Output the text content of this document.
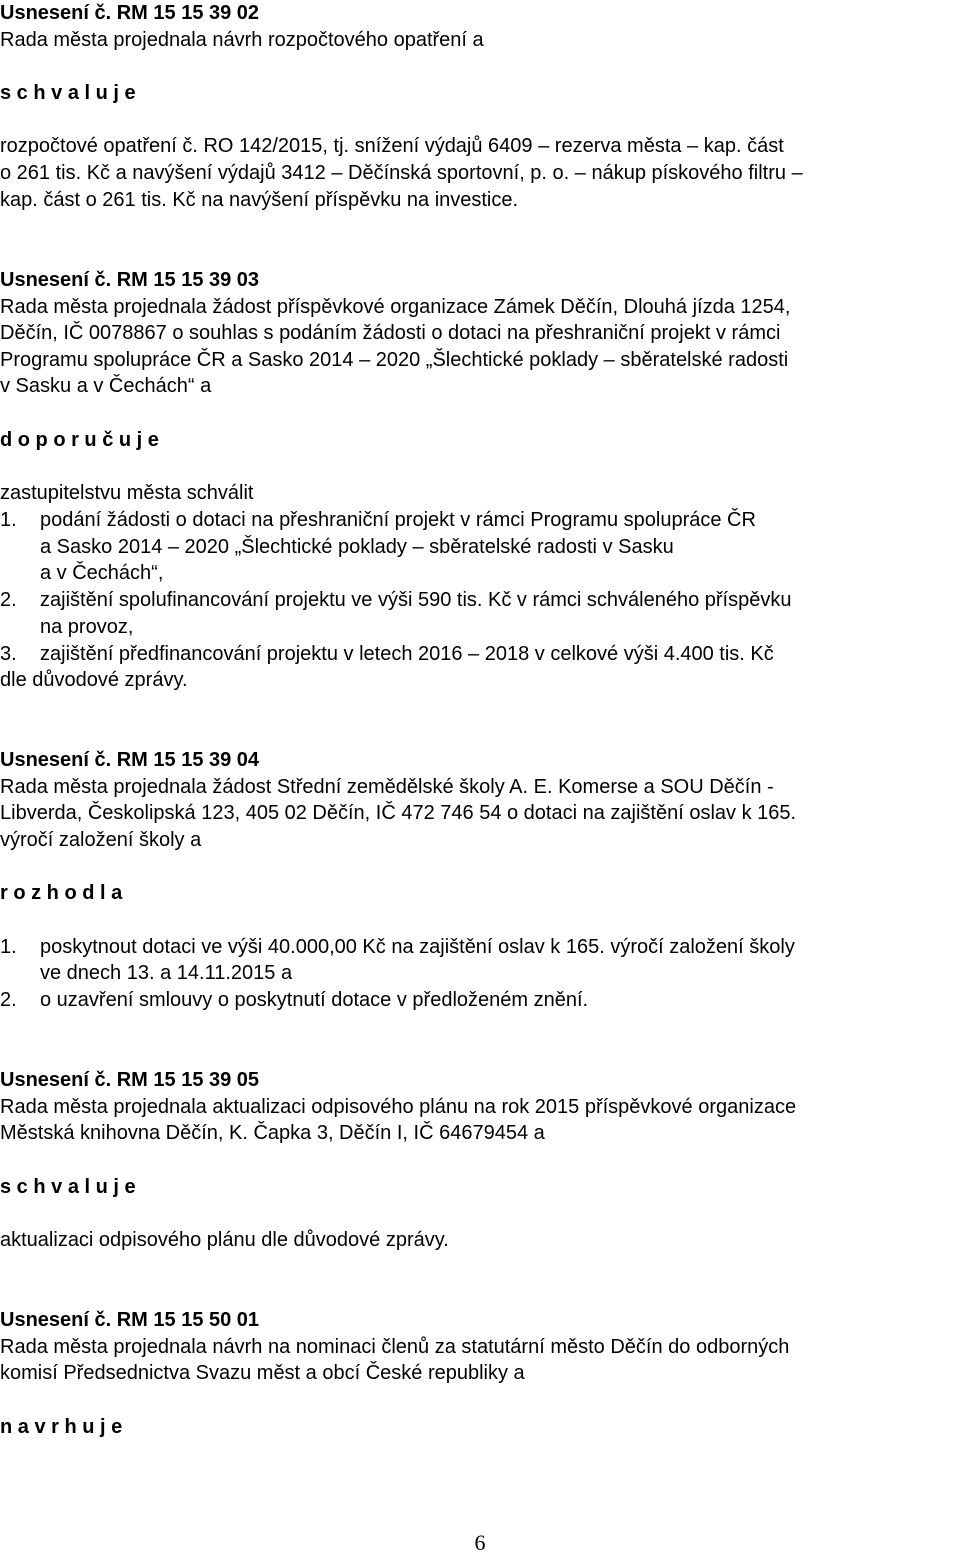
Usnesení č. RM 15 15 39 02
Rada města projednala návrh rozpočtového opatření a
s c h v a l u j e
rozpočtové opatření č. RO 142/2015, tj. snížení výdajů 6409 – rezerva města – kap. část
o 261 tis. Kč a navýšení výdajů 3412 – Děčínská sportovní, p. o. – nákup pískového filtru –
kap. část o 261 tis. Kč na navýšení příspěvku na investice.
Usnesení č. RM 15 15 39 03
Rada města projednala žádost příspěvkové organizace Zámek Děčín, Dlouhá jízda 1254,
Děčín, IČ 0078867 o souhlas s podáním žádosti o dotaci na přeshraniční projekt v rámci
Programu spolupráce ČR a Sasko 2014 – 2020 „Šlechtické poklady – sběratelské radosti
v Sasku a v Čechách“ a
d o p o r u č u j e
zastupitelstvu města schválit
1.	podání žádosti o dotaci na přeshraniční projekt v rámci Programu spolupráce ČR
a Sasko 2014 – 2020 „Šlechtické poklady – sběratelské radosti v Sasku
a v Čechách“,
2.	zajištění spolufinancování projektu ve výši 590 tis. Kč v rámci schváleného příspěvku
na provoz,
3.	zajištění předfinancování projektu v letech 2016 – 2018 v celkové výši 4.400 tis. Kč
dle důvodové zprávy.
Usnesení č. RM 15 15 39 04
Rada města projednala žádost Střední zemědělské školy A. E. Komerse a SOU Děčín -
Libverda, Českolipská 123, 405 02 Děčín, IČ 472 746 54 o dotaci na zajištění oslav k 165.
výročí založení školy a
r o z h o d l a
1.	poskytnout dotaci ve výši 40.000,00 Kč na zajištění oslav k 165. výročí založení školy
ve dnech 13. a 14.11.2015 a
2.	o uzavření smlouvy o poskytnutí dotace v předloženém znění.
Usnesení č. RM 15 15 39 05
Rada města projednala aktualizaci odpisového plánu na rok 2015 příspěvkové organizace
Městská knihovna Děčín, K. Čapka 3, Děčín I, IČ 64679454 a
s c h v a l u j e
aktualizaci odpisového plánu dle důvodové zprávy.
Usnesení č. RM 15 15 50 01
Rada města projednala návrh na nominaci členů za statutární město Děčín do odborných
komisí Předsednictva Svazu měst a obcí České republiky a
n a v r h u j e
6
